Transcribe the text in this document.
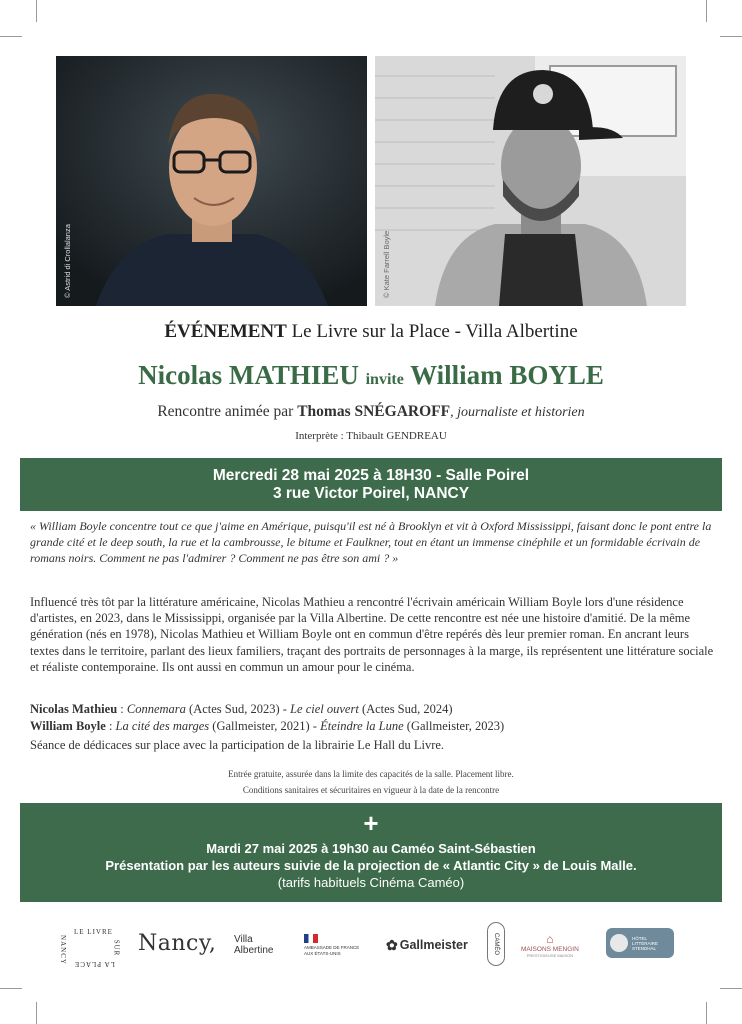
© Astrid di Crollalanza	© Kate Farrell Boyle
ÉVÉNEMENT Le Livre sur la Place - Villa Albertine
Nicolas MATHIEU invite William BOYLE
Rencontre animée par Thomas SNÉGAROFF, journaliste et historien
Interprète : Thibault GENDREAU
Mercredi 28 mai 2025 à 18H30 - Salle Poirel
3 rue Victor Poirel, NANCY

« William Boyle concentre tout ce que j'aime en Amérique, puisqu'il est né à Brooklyn et vit à Oxford Mississippi, faisant donc le pont entre la grande cité et le deep south, la rue et la cambrousse, le bitume et Faulkner, tout en étant un immense cinéphile et un formidable écrivain de romans noirs. Comment ne pas l'admirer ? Comment ne pas être son ami ? »

Influencé très tôt par la littérature américaine, Nicolas Mathieu a rencontré l'écrivain américain William Boyle lors d'une résidence d'artistes, en 2023, dans le Mississippi, organisée par la Villa Albertine. De cette rencontre est née une histoire d'amitié. De la même génération (nés en 1978), Nicolas Mathieu et William Boyle ont en commun d'être repérés dès leur premier roman. En ancrant leurs textes dans le territoire, parlant des lieux familiers, traçant des portraits de personnages à la marge, ils représentent une littérature sociale et réaliste contemporaine. Ils ont aussi en commun un amour pour le cinéma.

Nicolas Mathieu : Connemara (Actes Sud, 2023) - Le ciel ouvert (Actes Sud, 2024)
William Boyle : La cité des marges (Gallmeister, 2021) - Éteindre la Lune (Gallmeister, 2023)

Séance de dédicaces sur place avec la participation de la librairie Le Hall du Livre.

Entrée gratuite, assurée dans la limite des capacités de la salle. Placement libre.
Conditions sanitaires et sécuritaires en vigueur à la date de la rencontre
+
Mardi 27 mai 2025 à 19h30 au Caméo Saint-Sébastien
Présentation par les auteurs suivie de la projection de « Atlantic City » de Louis Malle.
(tarifs habituels Cinéma Caméo)
LE LIVRE
NANCY	SUR
LA PLACE
Nancy, Villa
Albertine	AMBASSADE DE FRANCE
AUX ÉTATS-UNIS
✿ Gallmeister	CAMÉO	⌂
MAISONS MENGIN
PRESTIGIEUSE MAISON
HÔTEL
LITTÉRAIRE
STENDHAL
